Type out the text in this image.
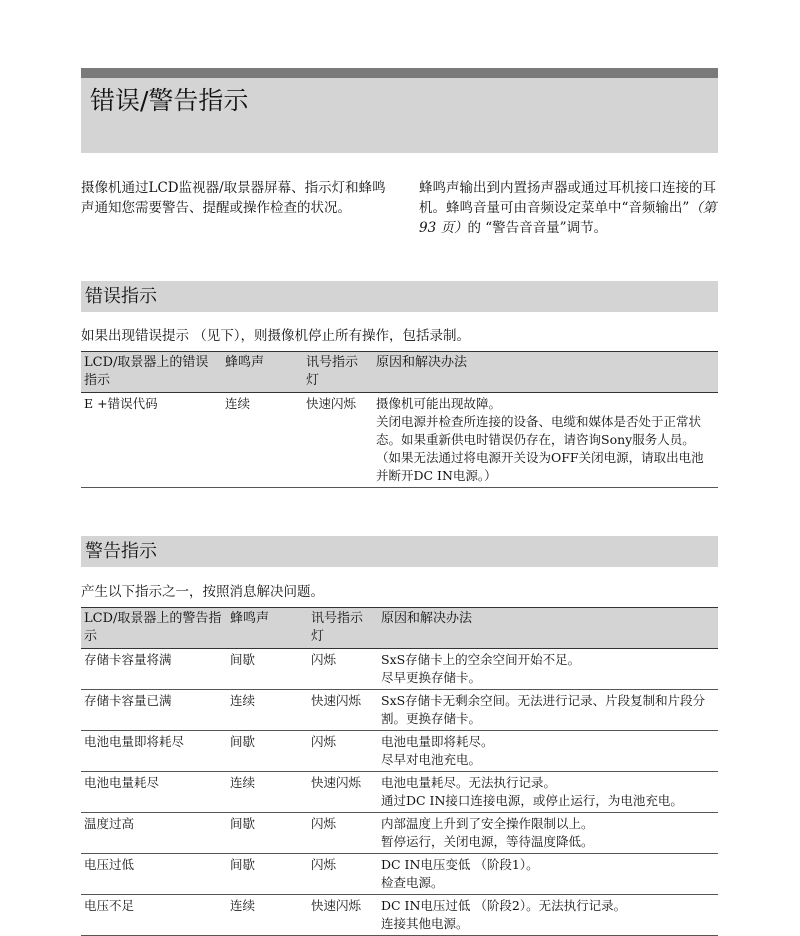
错误/警告指示
摄像机通过LCD监视器/取景器屏幕、指示灯和蜂鸣声通知您需要警告、提醒或操作检查的状况。
蜂鸣声输出到内置扬声器或通过耳机接口连接的耳机。蜂鸣音量可由音频设定菜单中“音频输出”（第 93 页）的 “警告音音量”调节。
错误指示
如果出现错误提示 （见下），则摄像机停止所有操作，包括录制。
LCD/取景器上的错误指示	蜂鸣声	讯号指示灯	原因和解决办法
E +错误代码	连续	快速闪烁	摄像机可能出现故障。
关闭电源并检查所连接的设备、电缆和媒体是否处于正常状态。如果重新供电时错误仍存在，请咨询Sony服务人员。
（如果无法通过将电源开关设为OFF关闭电源，请取出电池并断开DC IN电源。）
警告指示
产生以下指示之一，按照消息解决问题。
LCD/取景器上的警告指示	蜂鸣声	讯号指示灯	原因和解决办法
存储卡容量将满	间歇	闪烁	SxS存储卡上的空余空间开始不足。
尽早更换存储卡。

存储卡容量已满	连续	快速闪烁	SxS存储卡无剩余空间。无法进行记录、片段复制和片段分割。更换存储卡。

电池电量即将耗尽	间歇	闪烁	电池电量即将耗尽。
尽早对电池充电。

电池电量耗尽	连续	快速闪烁	电池电量耗尽。无法执行记录。
通过DC IN接口连接电源，或停止运行，为电池充电。

温度过高	间歇	闪烁	内部温度上升到了安全操作限制以上。
暂停运行，关闭电源，等待温度降低。

电压过低	间歇	闪烁	DC IN电压变低 （阶段1）。
检查电源。

电压不足	连续	快速闪烁	DC IN电压过低 （阶段2）。无法执行记录。
连接其他电源。
